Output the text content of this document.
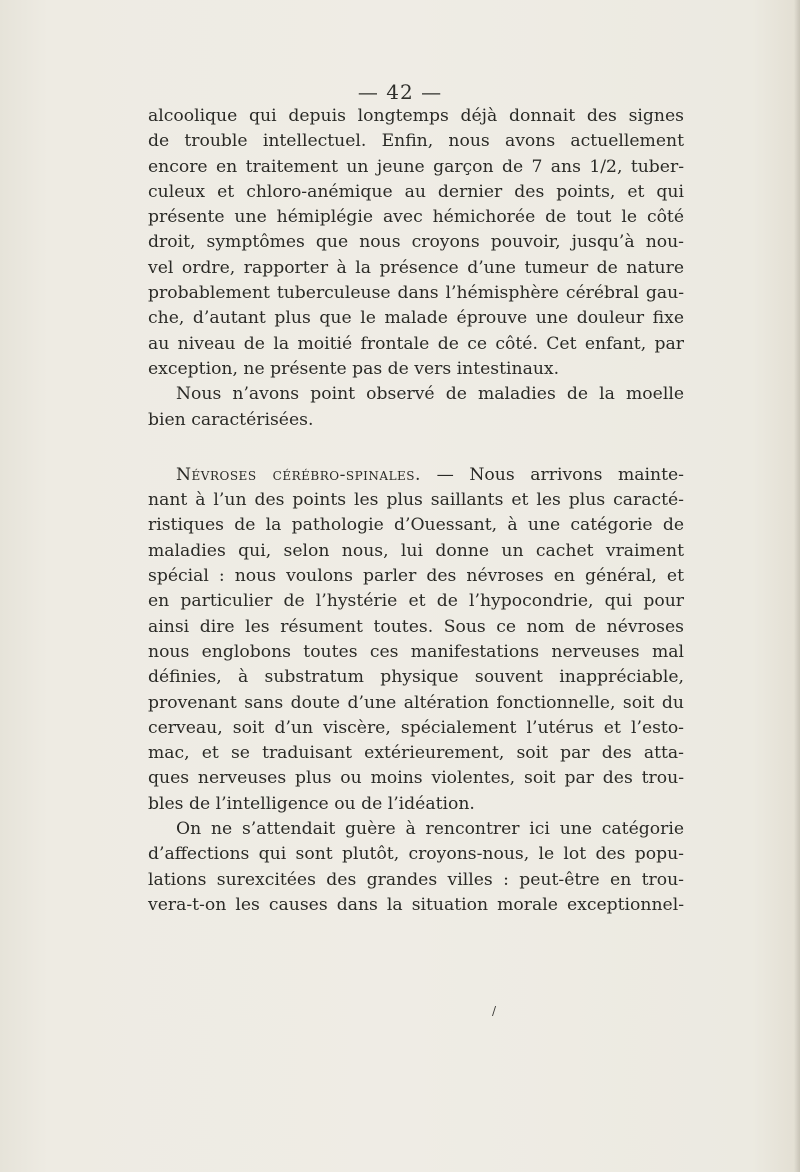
— 42 —
alcoolique qui depuis longtemps déjà donnait des signes
de trouble intellectuel. Enfin, nous avons actuellement
encore en traitement un jeune garçon de 7 ans 1/2, tuber-
culeux et chloro-anémique au dernier des points, et qui
présente une hémiplégie avec hémichorée de tout le côté
droit, symptômes que nous croyons pouvoir, jusqu’à nou-
vel ordre, rapporter à la présence d’une tumeur de nature
probablement tuberculeuse dans l’hémisphère cérébral gau-
che, d’autant plus que le malade éprouve une douleur fixe
au niveau de la moitié frontale de ce côté. Cet enfant, par
exception, ne présente pas de vers intestinaux.
Nous n’avons point observé de maladies de la moelle
bien caractérisées.
Névroses cérébro-spinales. — Nous arrivons mainte-
nant à l’un des points les plus saillants et les plus caracté-
ristiques de la pathologie d’Ouessant, à une catégorie de
maladies qui, selon nous, lui donne un cachet vraiment
spécial : nous voulons parler des névroses en général, et
en particulier de l’hystérie et de l’hypocondrie, qui pour
ainsi dire les résument toutes. Sous ce nom de névroses
nous englobons toutes ces manifestations nerveuses mal
définies, à substratum physique souvent inappréciable,
provenant sans doute d’une altération fonctionnelle, soit du
cerveau, soit d’un viscère, spécialement l’utérus et l’esto-
mac, et se traduisant extérieurement, soit par des atta-
ques nerveuses plus ou moins violentes, soit par des trou-
bles de l’intelligence ou de l’idéation.
On ne s’attendait guère à rencontrer ici une catégorie
d’affections qui sont plutôt, croyons-nous, le lot des popu-
lations surexcitées des grandes villes : peut-être en trou-
vera-t-on les causes dans la situation morale exceptionnel-
/
